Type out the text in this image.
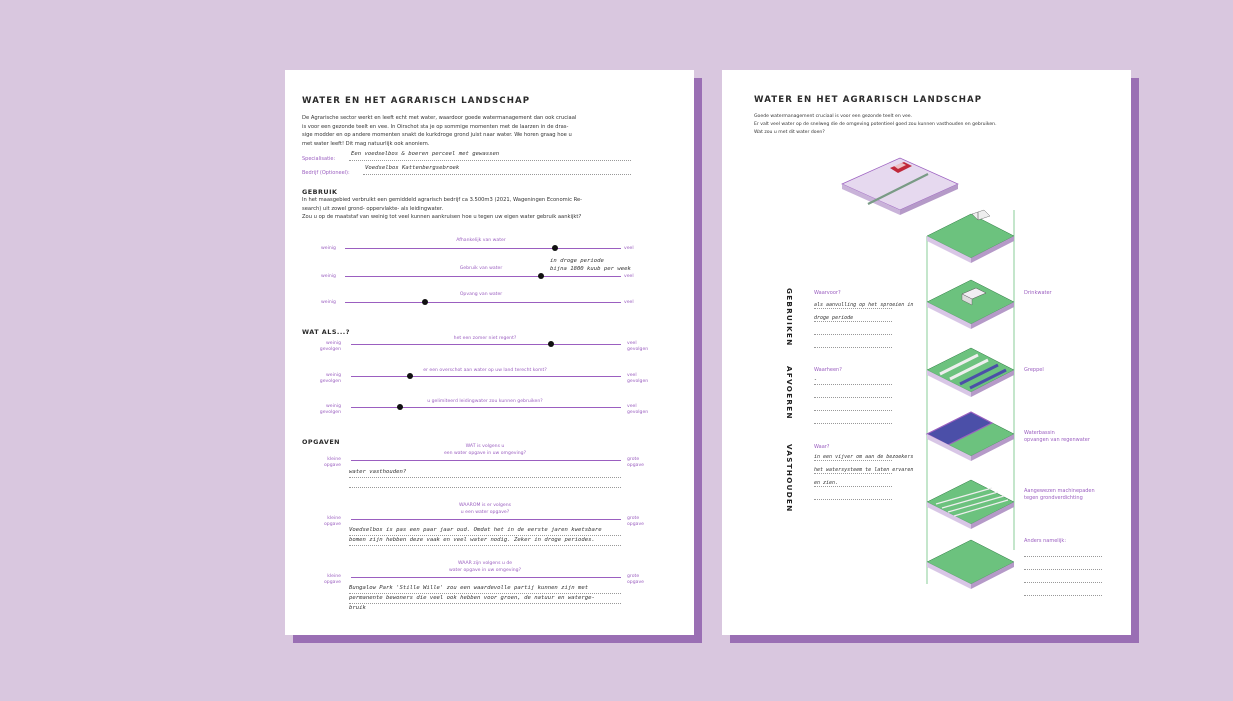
WATER EN HET AGRARISCH LANDSCHAP
De Agrarische sector werkt en leeft echt met water, waardoor goede watermanagement dan ook cruciaal
is voor een gezonde teelt en vee. In Oirschot sta je op sommige momenten met de laarzen in de dras-
sige modder en op andere momenten snakt de kurkdroge grond juist naar water. We horen graag hoe u
met water leeft! Dit mag natuurlijk ook anoniem.
Specialisatie:
Een voedselbos & boeren perceel met gewassen
Bedrijf (Optioneel):
Voedselbos Kattenbergsebroek
GEBRUIK
In het maasgebied verbruikt een gemiddeld agrarisch bedrijf ca 3.500m3 (2021, Wageningen Economic Re-
search) uit zowel grond- oppervlakte- als leidingwater.
Zou u op de maatstaf van weinig tot veel kunnen aankruisen hoe u tegen uw eigen water gebruik aankijkt?
Afhankelijk van water
weinig	veel
Gebruik van water
weinig	veel
in droge periode
bijna 1800 kuub per week
Opvang van water
weinig	veel
WAT ALS...?
het een zomer niet regent?
weinig
gevolgen
veel
gevolgen
er een overschot aan water op uw land terecht komt?
weinig
gevolgen
veel
gevolgen
u gelimiteerd leidingwater zou kunnen gebruiken?
weinig
gevolgen
veel
gevolgen
OPGAVEN
WAT is volgens u
een water opgave in uw omgeving?
kleine
opgave
grote
opgave
water vasthouden?
WAAROM is er volgens
u een water opgave?
kleine
opgave
grote
opgave
Voedselbos is pas een paar jaar oud. Omdat het in de eerste jaren kwetsbare
bomen zijn hebben deze vaak en veel water nodig. Zeker in droge periodes.
WAAR zijn volgens u de
water opgave in uw omgeving?
kleine
opgave
grote
opgave
Bungalow Park 'Stille Wille' zou een waardevolle partij kunnen zijn met
permanente bewoners die veel ook hebben voor groen, de natuur en waterge-
bruik
WATER EN HET AGRARISCH LANDSCHAP
Goede watermanagement cruciaal is voor een gezonde teelt en vee.
Er valt veel water op de snelweg die de omgeving potentieel goed zou kunnen vasthouden en gebruiken.
Wat zou u met dit water doen?
GEBRUIKEN
AFVOEREN
VASTHOUDEN
Waarvoor?
als aanvulling op het sproeien in
droge periode
Waarheen?
-
Waar?
in een vijver om aan de bezoekers
het watersysteem te laten ervaren
en zien.
Drinkwater
Greppel
Waterbassin
opvangen van regenwater
Aangewezen machinepaden
tegen grondverdichting
Anders namelijk:
